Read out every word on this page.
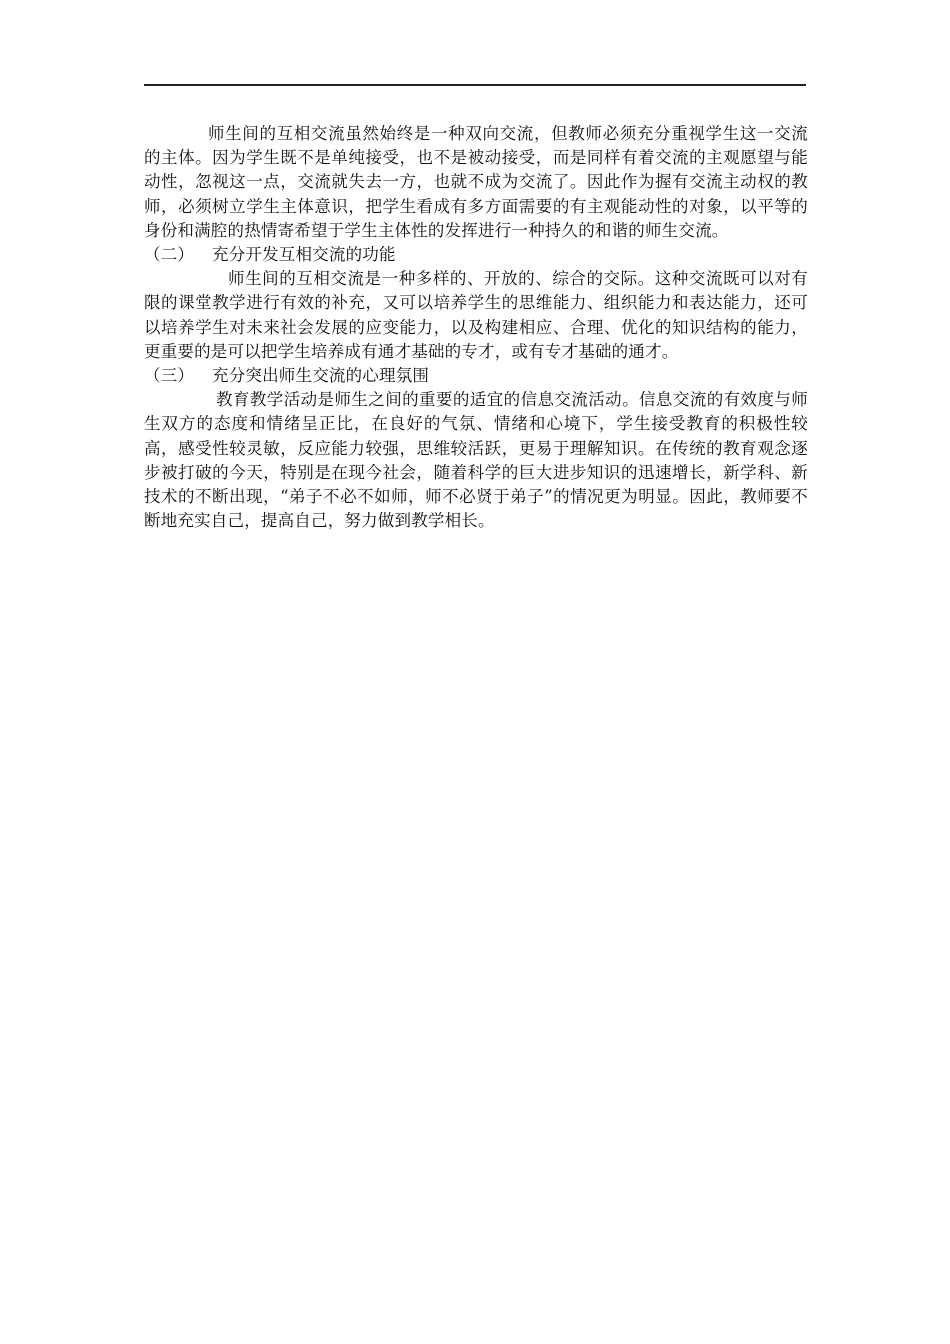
师生间的互相交流虽然始终是一种双向交流，但教师必须充分重视学生这一交流的主体。因为学生既不是单纯接受，也不是被动接受，而是同样有着交流的主观愿望与能动性，忽视这一点，交流就失去一方，也就不成为交流了。因此作为握有交流主动权的教师，必须树立学生主体意识，把学生看成有多方面需要的有主观能动性的对象，以平等的身份和满腔的热情寄希望于学生主体性的发挥进行一种持久的和谐的师生交流。

（二） 充分开发互相交流的功能

师生间的互相交流是一种多样的、开放的、综合的交际。这种交流既可以对有限的课堂教学进行有效的补充，又可以培养学生的思维能力、组织能力和表达能力，还可以培养学生对未来社会发展的应变能力，以及构建相应、合理、优化的知识结构的能力，更重要的是可以把学生培养成有通才基础的专才，或有专才基础的通才。

（三） 充分突出师生交流的心理氛围

教育教学活动是师生之间的重要的适宜的信息交流活动。信息交流的有效度与师生双方的态度和情绪呈正比，在良好的气氛、情绪和心境下，学生接受教育的积极性较高，感受性较灵敏，反应能力较强，思维较活跃，更易于理解知识。在传统的教育观念逐步被打破的今天，特别是在现今社会，随着科学的巨大进步知识的迅速增长，新学科、新技术的不断出现，“弟子不必不如师，师不必贤于弟子”的情况更为明显。因此，教师要不断地充实自己，提高自己，努力做到教学相长。
